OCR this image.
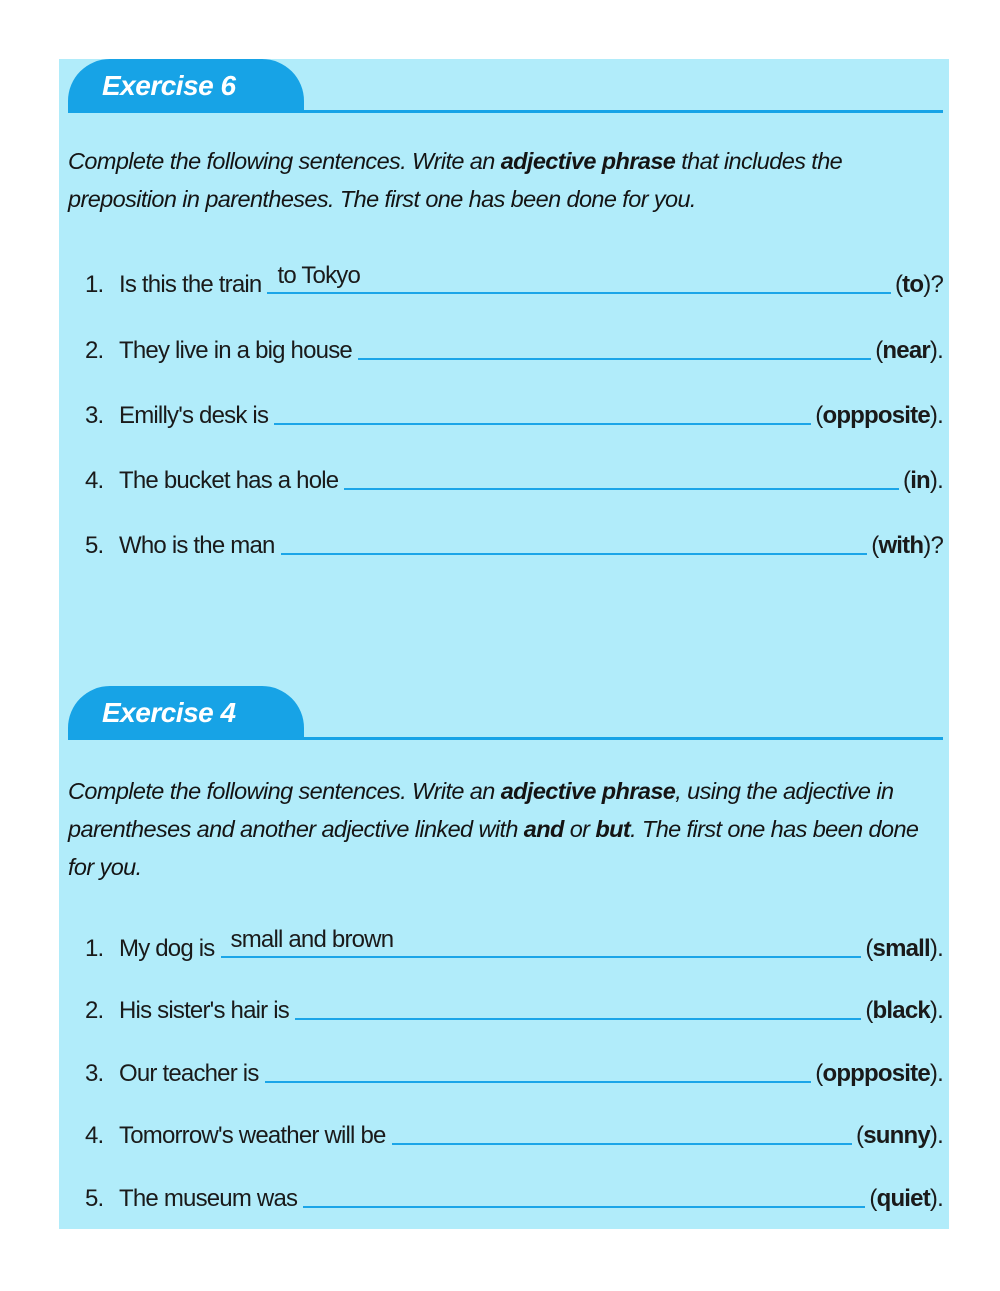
Exercise 6
Complete the following sentences. Write an adjective phrase that includes the preposition in parentheses. The first one has been done for you.
1. Is this the train to Tokyo	(to)?
2. They live in a big house	(near).
3. Emilly's desk is	(oppposite).
4. The bucket has a hole	(in).
5. Who is the man	(with)?
Exercise 4
Complete the following sentences. Write an adjective phrase, using the adjective in parentheses and another adjective linked with and or but. The first one has been done for you.
1. My dog is small and brown	(small).
2. His sister's hair is	(black).
3. Our teacher is	(oppposite).
4. Tomorrow's weather will be	(sunny).
5. The museum was	(quiet).
